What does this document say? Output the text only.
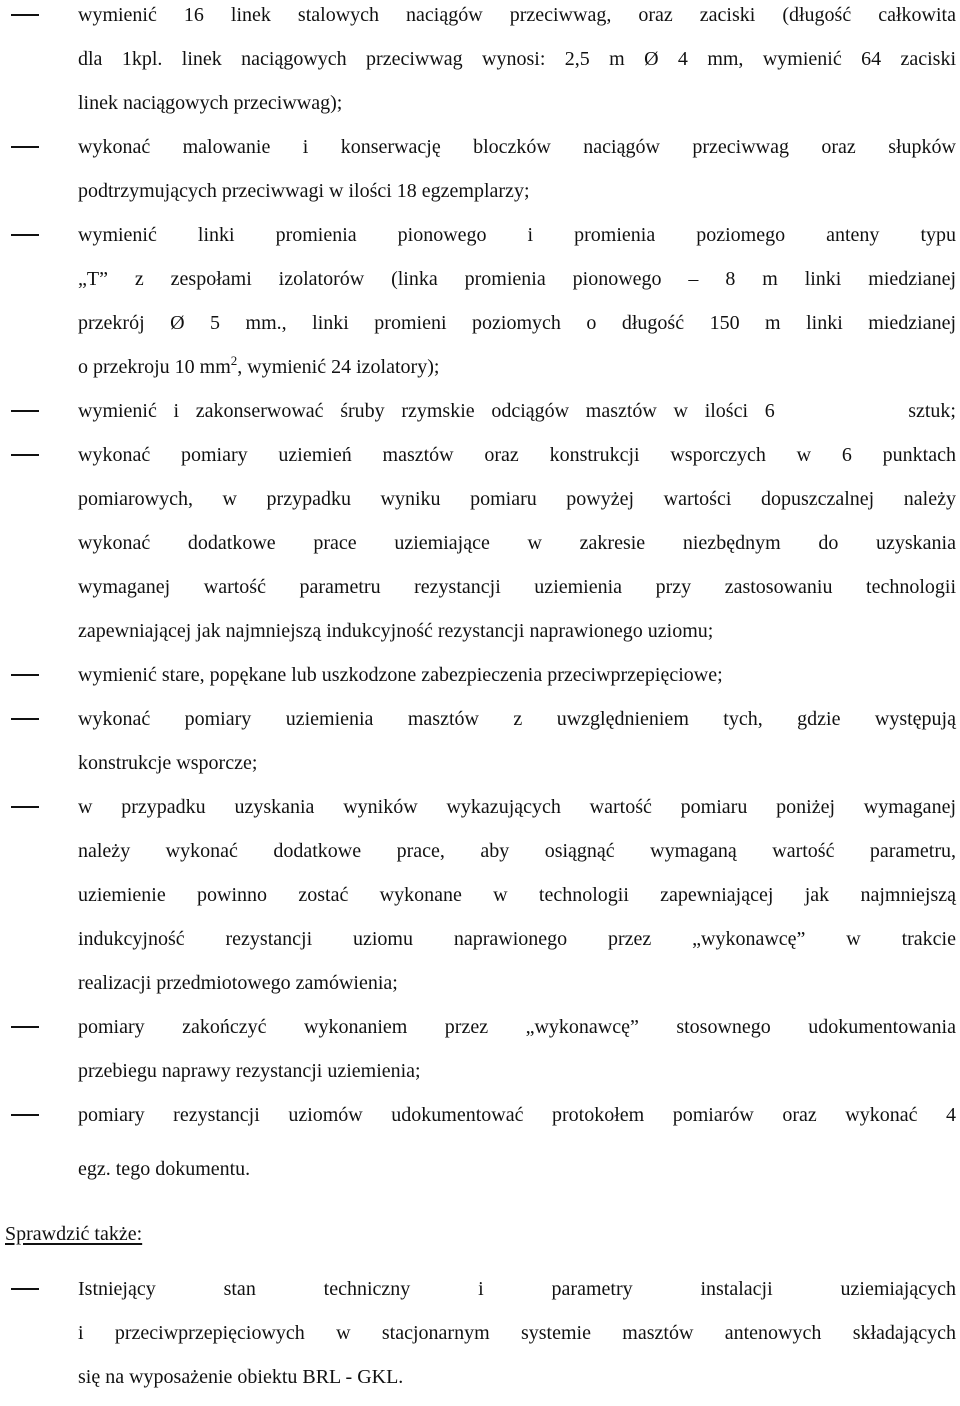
wymienić 16 linek stalowych naciągów przeciwwag, oraz zaciski (długość całkowita
dla 1kpl. linek naciągowych przeciwwag wynosi: 2,5 m Ø 4 mm, wymienić 64 zaciski
linek naciągowych przeciwwag);
wykonać malowanie i konserwację bloczków naciągów przeciwwag oraz słupków
podtrzymujących przeciwwagi w ilości 18 egzemplarzy;
wymienić linki promienia pionowego i promienia poziomego anteny typu
„T” z zespołami izolatorów (linka promienia pionowego – 8 m linki miedzianej
przekrój Ø 5 mm., linki promieni poziomych o długość 150 m linki miedzianej
o przekroju 10 $mm^2$, wymienić 24 izolatory);
wymienić i zakonserwować śruby rzymskie odciągów masztów w ilości 6        sztuk;
wykonać pomiary uziemień masztów oraz konstrukcji wsporczych w 6 punktach
pomiarowych, w przypadku wyniku pomiaru powyżej wartości dopuszczalnej należy
wykonać dodatkowe prace uziemiające w zakresie niezbędnym do uzyskania
wymaganej wartość parametru rezystancji uziemienia przy zastosowaniu technologii
zapewniającej jak najmniejszą indukcyjność rezystancji naprawionego uziomu;
wymienić stare, popękane lub uszkodzone zabezpieczenia przeciwprzepięciowe;
wykonać pomiary uziemienia masztów z uwzględnieniem tych, gdzie występują
konstrukcje wsporcze;
w przypadku uzyskania wyników wykazujących wartość pomiaru poniżej wymaganej
należy wykonać dodatkowe prace, aby osiągnąć wymaganą wartość parametru,
uziemienie powinno zostać wykonane w technologii zapewniającej jak najmniejszą
indukcyjność rezystancji uziomu naprawionego przez „wykonawcę” w trakcie
realizacji przedmiotowego zamówienia;
pomiary zakończyć wykonaniem przez „wykonawcę” stosownego udokumentowania
przebiegu naprawy rezystancji uziemienia;
pomiary rezystancji uziomów udokumentować protokołem pomiarów oraz wykonać 4
egz. tego dokumentu.
Sprawdzić także:
Istniejący stan techniczny i parametry instalacji uziemiających
i przeciwprzepięciowych w stacjonarnym systemie masztów antenowych składających
się na wyposażenie obiektu BRL - GKL.
